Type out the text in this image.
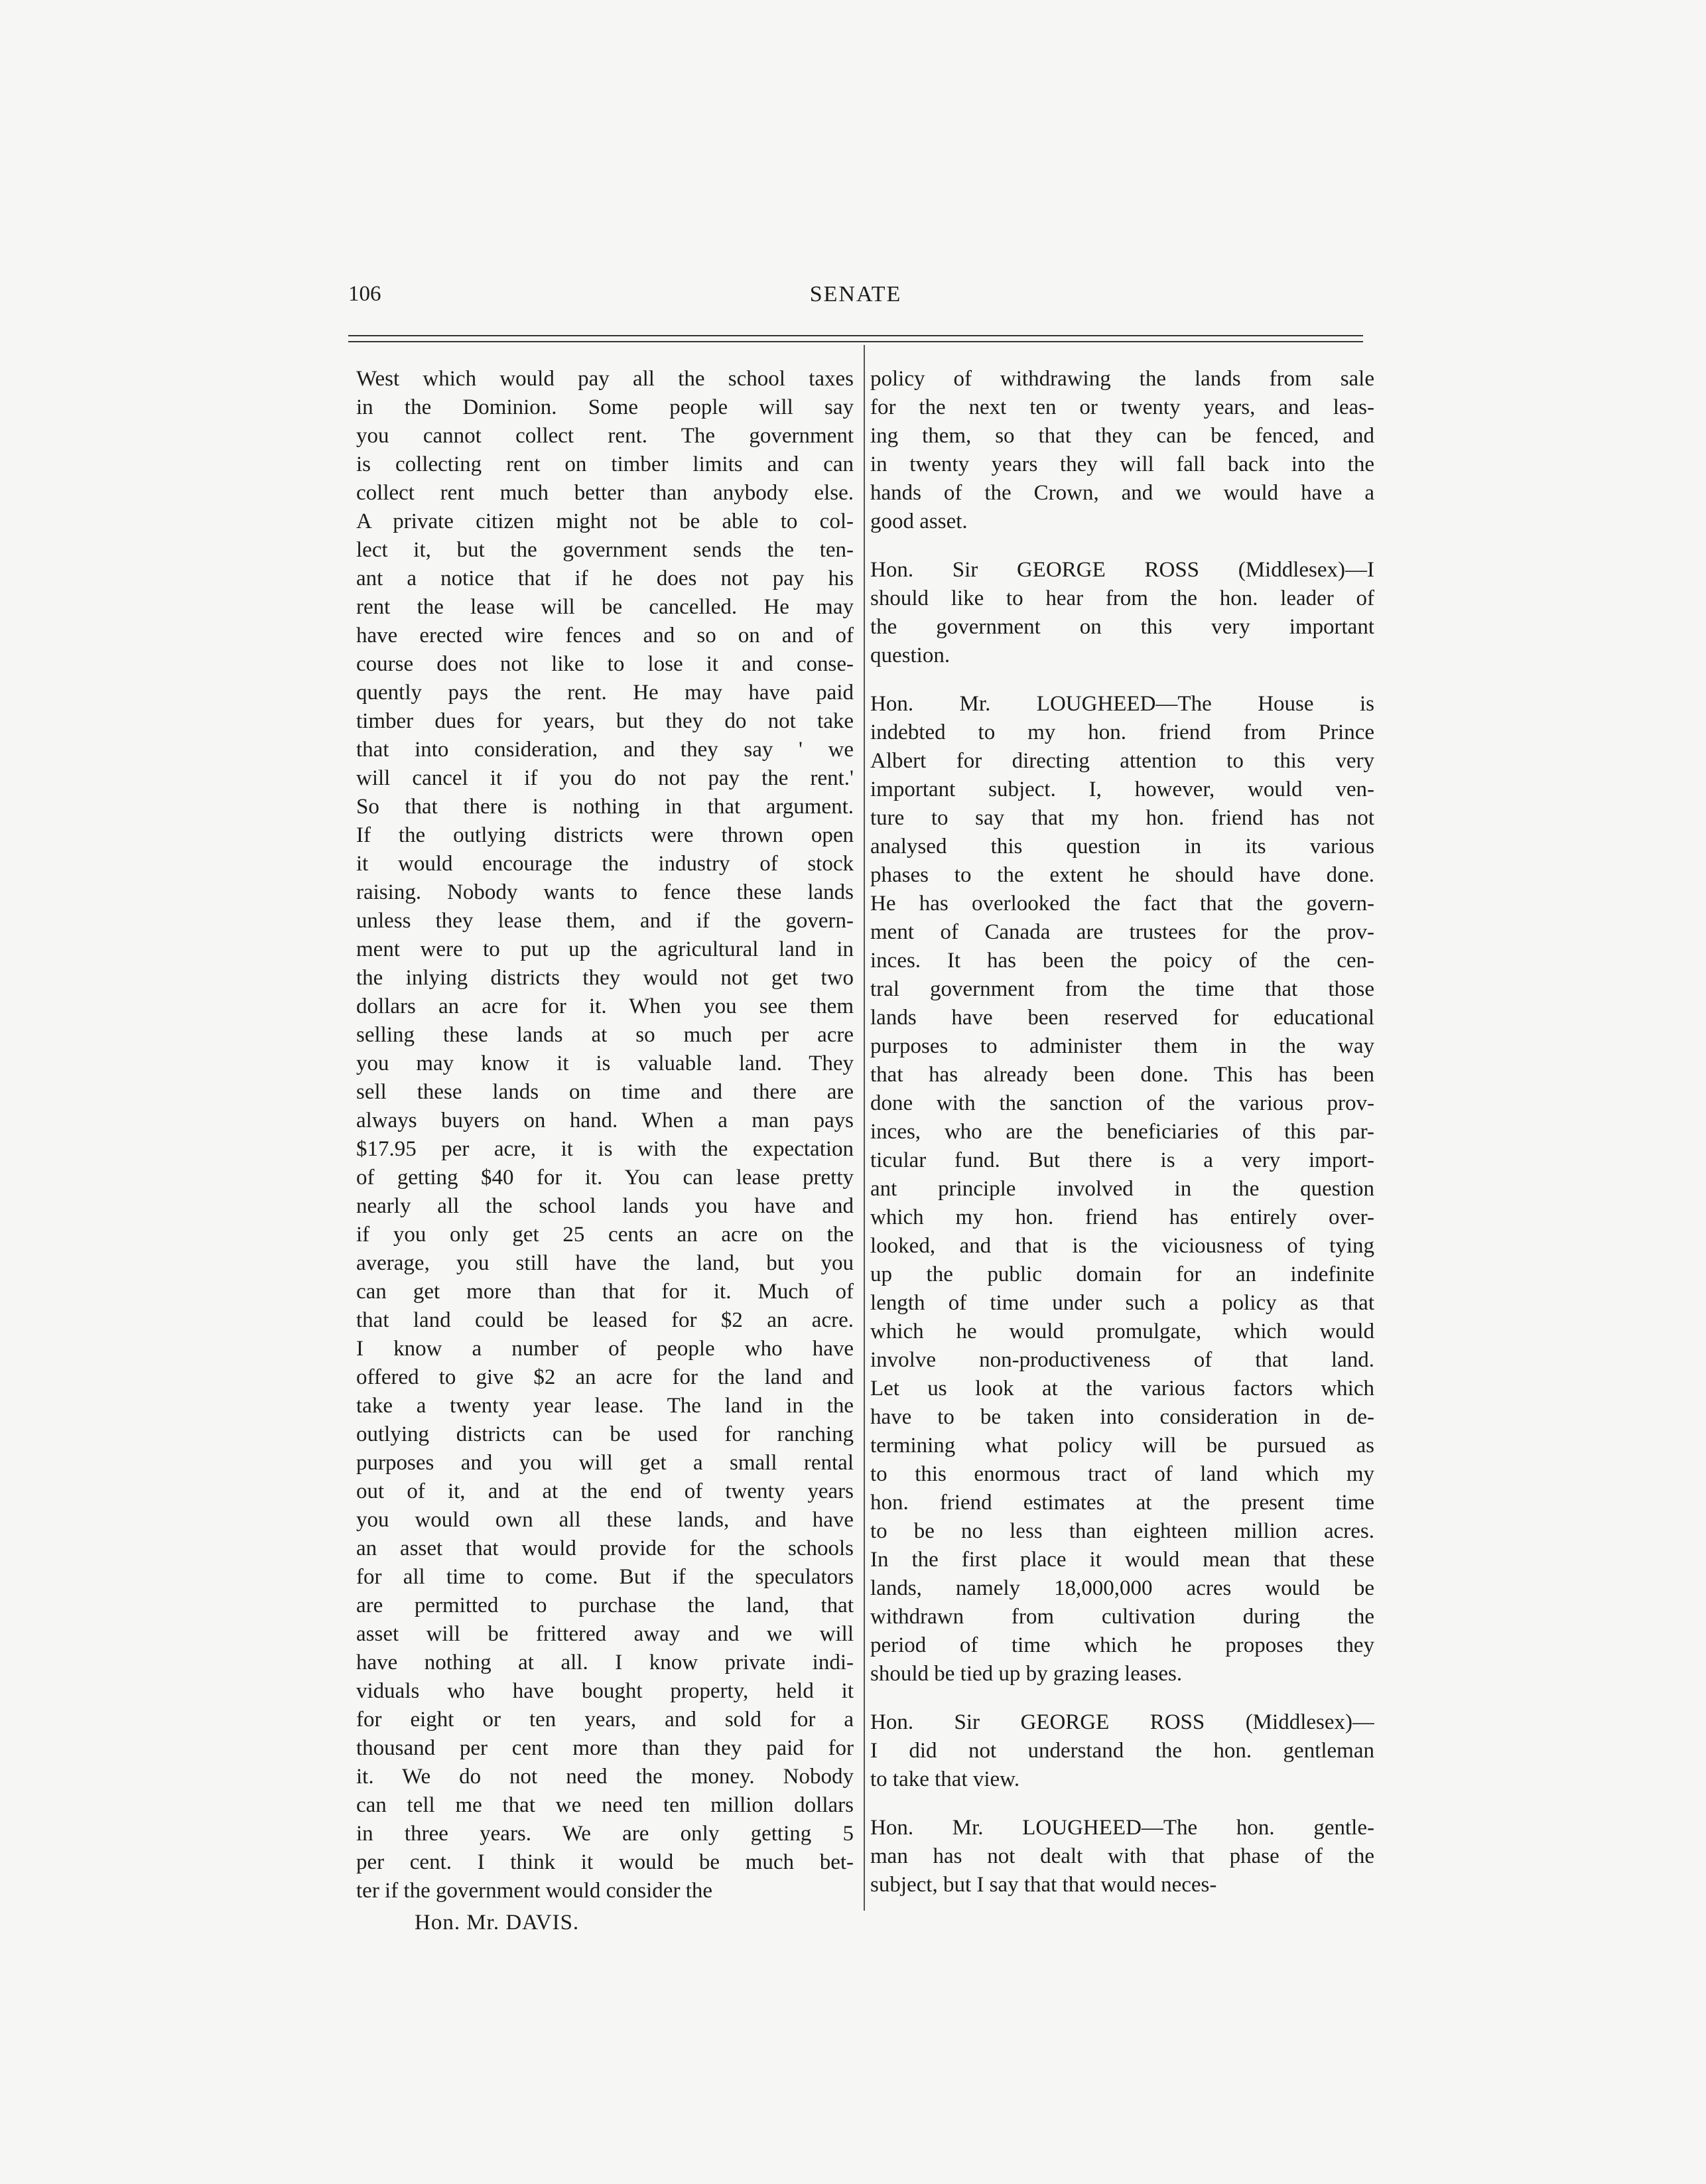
106	SENATE
West which would pay all the school taxes
in the Dominion. Some people will say
you cannot collect rent. The government
is collecting rent on timber limits and can
collect rent much better than anybody else.
A private citizen might not be able to col-
lect it, but the government sends the ten-
ant a notice that if he does not pay his
rent the lease will be cancelled. He may
have erected wire fences and so on and of
course does not like to lose it and conse-
quently pays the rent. He may have paid
timber dues for years, but they do not take
that into consideration, and they say ' we
will cancel it if you do not pay the rent.'
So that there is nothing in that argument.
If the outlying districts were thrown open
it would encourage the industry of stock
raising. Nobody wants to fence these lands
unless they lease them, and if the govern-
ment were to put up the agricultural land in
the inlying districts they would not get two
dollars an acre for it. When you see them
selling these lands at so much per acre
you may know it is valuable land. They
sell these lands on time and there are
always buyers on hand. When a man pays
$17.95 per acre, it is with the expectation
of getting $40 for it. You can lease pretty
nearly all the school lands you have and
if you only get 25 cents an acre on the
average, you still have the land, but you
can get more than that for it. Much of
that land could be leased for $2 an acre.
I know a number of people who have
offered to give $2 an acre for the land and
take a twenty year lease. The land in the
outlying districts can be used for ranching
purposes and you will get a small rental
out of it, and at the end of twenty years
you would own all these lands, and have
an asset that would provide for the schools
for all time to come. But if the speculators
are permitted to purchase the land, that
asset will be frittered away and we will
have nothing at all. I know private indi-
viduals who have bought property, held it
for eight or ten years, and sold for a
thousand per cent more than they paid for
it. We do not need the money. Nobody
can tell me that we need ten million dollars
in three years. We are only getting 5
per cent. I think it would be much bet-
ter if the government would consider the
policy of withdrawing the lands from sale
for the next ten or twenty years, and leas-
ing them, so that they can be fenced, and
in twenty years they will fall back into the
hands of the Crown, and we would have a
good asset.
Hon. Sir GEORGE ROSS (Middlesex)—I
should like to hear from the hon. leader of
the government on this very important
question.
Hon. Mr. LOUGHEED—The House is
indebted to my hon. friend from Prince
Albert for directing attention to this very
important subject. I, however, would ven-
ture to say that my hon. friend has not
analysed this question in its various
phases to the extent he should have done.
He has overlooked the fact that the govern-
ment of Canada are trustees for the prov-
inces. It has been the poicy of the cen-
tral government from the time that those
lands have been reserved for educational
purposes to administer them in the way
that has already been done. This has been
done with the sanction of the various prov-
inces, who are the beneficiaries of this par-
ticular fund. But there is a very import-
ant principle involved in the question
which my hon. friend has entirely over-
looked, and that is the viciousness of tying
up the public domain for an indefinite
length of time under such a policy as that
which he would promulgate, which would
involve non-productiveness of that land.
Let us look at the various factors which
have to be taken into consideration in de-
termining what policy will be pursued as
to this enormous tract of land which my
hon. friend estimates at the present time
to be no less than eighteen million acres.
In the first place it would mean that these
lands, namely 18,000,000 acres would be
withdrawn from cultivation during the
period of time which he proposes they
should be tied up by grazing leases.
Hon. Sir GEORGE ROSS (Middlesex)—
I did not understand the hon. gentleman
to take that view.
Hon. Mr. LOUGHEED—The hon. gentle-
man has not dealt with that phase of the
subject, but I say that that would neces-
Hon. Mr. DAVIS.
